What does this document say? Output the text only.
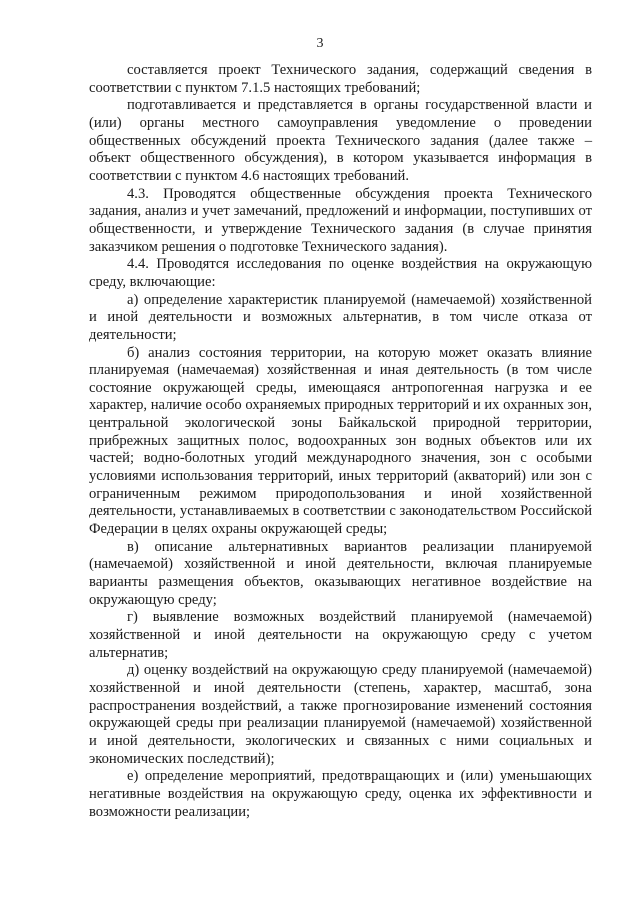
3

составляется проект Технического задания, содержащий сведения в соответствии с пунктом 7.1.5 настоящих требований;

подготавливается и представляется в органы государственной власти и (или) органы местного самоуправления уведомление о проведении общественных обсуждений проекта Технического задания (далее также – объект общественного обсуждения), в котором указывается информация в соответствии с пунктом 4.6 настоящих требований.

4.3. Проводятся общественные обсуждения проекта Технического задания, анализ и учет замечаний, предложений и информации, поступивших от общественности, и утверждение Технического задания (в случае принятия заказчиком решения о подготовке Технического задания).

4.4. Проводятся исследования по оценке воздействия на окружающую среду, включающие:

а) определение характеристик планируемой (намечаемой) хозяйственной и иной деятельности и возможных альтернатив, в том числе отказа от деятельности;

б) анализ состояния территории, на которую может оказать влияние планируемая (намечаемая) хозяйственная и иная деятельность (в том числе состояние окружающей среды, имеющаяся антропогенная нагрузка и ее характер, наличие особо охраняемых природных территорий и их охранных зон, центральной экологической зоны Байкальской природной территории, прибрежных защитных полос, водоохранных зон водных объектов или их частей; водно-болотных угодий международного значения, зон с особыми условиями использования территорий, иных территорий (акваторий) или зон с ограниченным режимом природопользования и иной хозяйственной деятельности, устанавливаемых в соответствии с законодательством Российской Федерации в целях охраны окружающей среды;

в) описание альтернативных вариантов реализации планируемой (намечаемой) хозяйственной и иной деятельности, включая планируемые варианты размещения объектов, оказывающих негативное воздействие на окружающую среду;

г) выявление возможных воздействий планируемой (намечаемой) хозяйственной и иной деятельности на окружающую среду с учетом альтернатив;

д) оценку воздействий на окружающую среду планируемой (намечаемой) хозяйственной и иной деятельности (степень, характер, масштаб, зона распространения воздействий, а также прогнозирование изменений состояния окружающей среды при реализации планируемой (намечаемой) хозяйственной и иной деятельности, экологических и связанных с ними социальных и экономических последствий);

е) определение мероприятий, предотвращающих и (или) уменьшающих негативные воздействия на окружающую среду, оценка их эффективности и возможности реализации;
